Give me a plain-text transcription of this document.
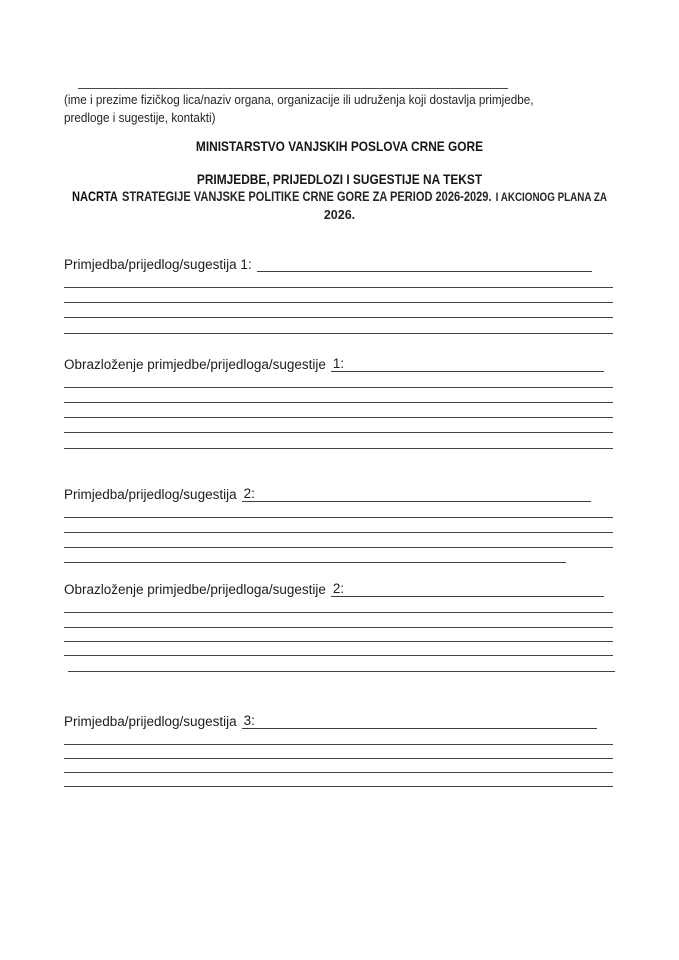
(ime i prezime fizičkog lica/naziv organa, organizacije ili udruženja koji dostavlja primjedbe,
predloge i sugestije, kontakti)
MINISTARSTVO VANJSKIH POSLOVA CRNE GORE
PRIMJEDBE, PRIJEDLOZI I SUGESTIJE NA TEKST
NACRTA STRATEGIJE VANJSKE POLITIKE CRNE GORE ZA PERIOD 2026-2029. I AKCIONOG PLANA ZA
2026.
Primjedba/prijedlog/sugestija 1:
Obrazloženje primjedbe/prijedloga/sugestije 1:
Primjedba/prijedlog/sugestija 2:
Obrazloženje primjedbe/prijedloga/sugestije 2:
Primjedba/prijedlog/sugestija 3:
